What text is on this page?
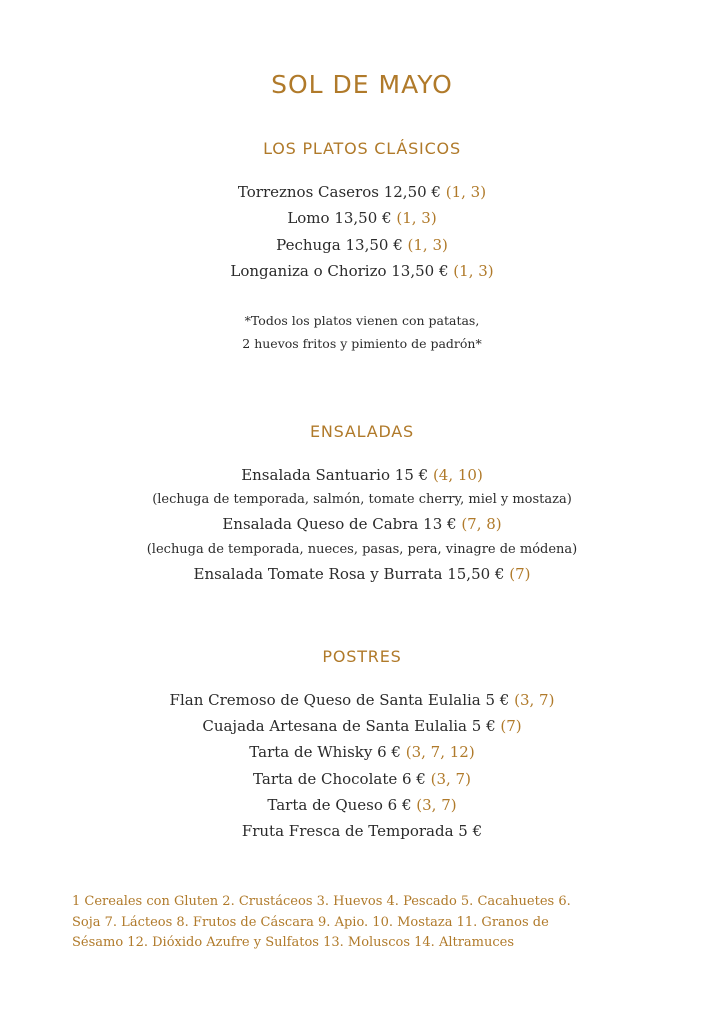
SOL DE MAYO
LOS PLATOS CLÁSICOS
Torreznos Caseros 12,50 € (1, 3)
Lomo 13,50 € (1, 3)
Pechuga 13,50 € (1, 3)
Longaniza o Chorizo 13,50 € (1, 3)
*Todos los platos vienen con patatas,
2 huevos fritos y pimiento de padrón*
ENSALADAS
Ensalada Santuario 15 € (4, 10)
(lechuga de temporada, salmón, tomate cherry, miel y mostaza)
Ensalada Queso de Cabra 13 € (7, 8)
(lechuga de temporada, nueces, pasas, pera, vinagre de módena)
Ensalada Tomate Rosa y Burrata 15,50 € (7)
POSTRES
Flan Cremoso de Queso de Santa Eulalia 5 € (3, 7)
Cuajada Artesana de Santa Eulalia 5 € (7)
Tarta de Whisky 6 € (3, 7, 12)
Tarta de Chocolate 6 € (3, 7)
Tarta de Queso 6 € (3, 7)
Fruta Fresca de Temporada 5 €
1 Cereales con Gluten 2. Crustáceos 3. Huevos 4. Pescado 5. Cacahuetes 6.
Soja 7. Lácteos 8. Frutos de Cáscara 9. Apio. 10. Mostaza 11. Granos de
Sésamo 12. Dióxido Azufre y Sulfatos 13. Moluscos 14. Altramuces
